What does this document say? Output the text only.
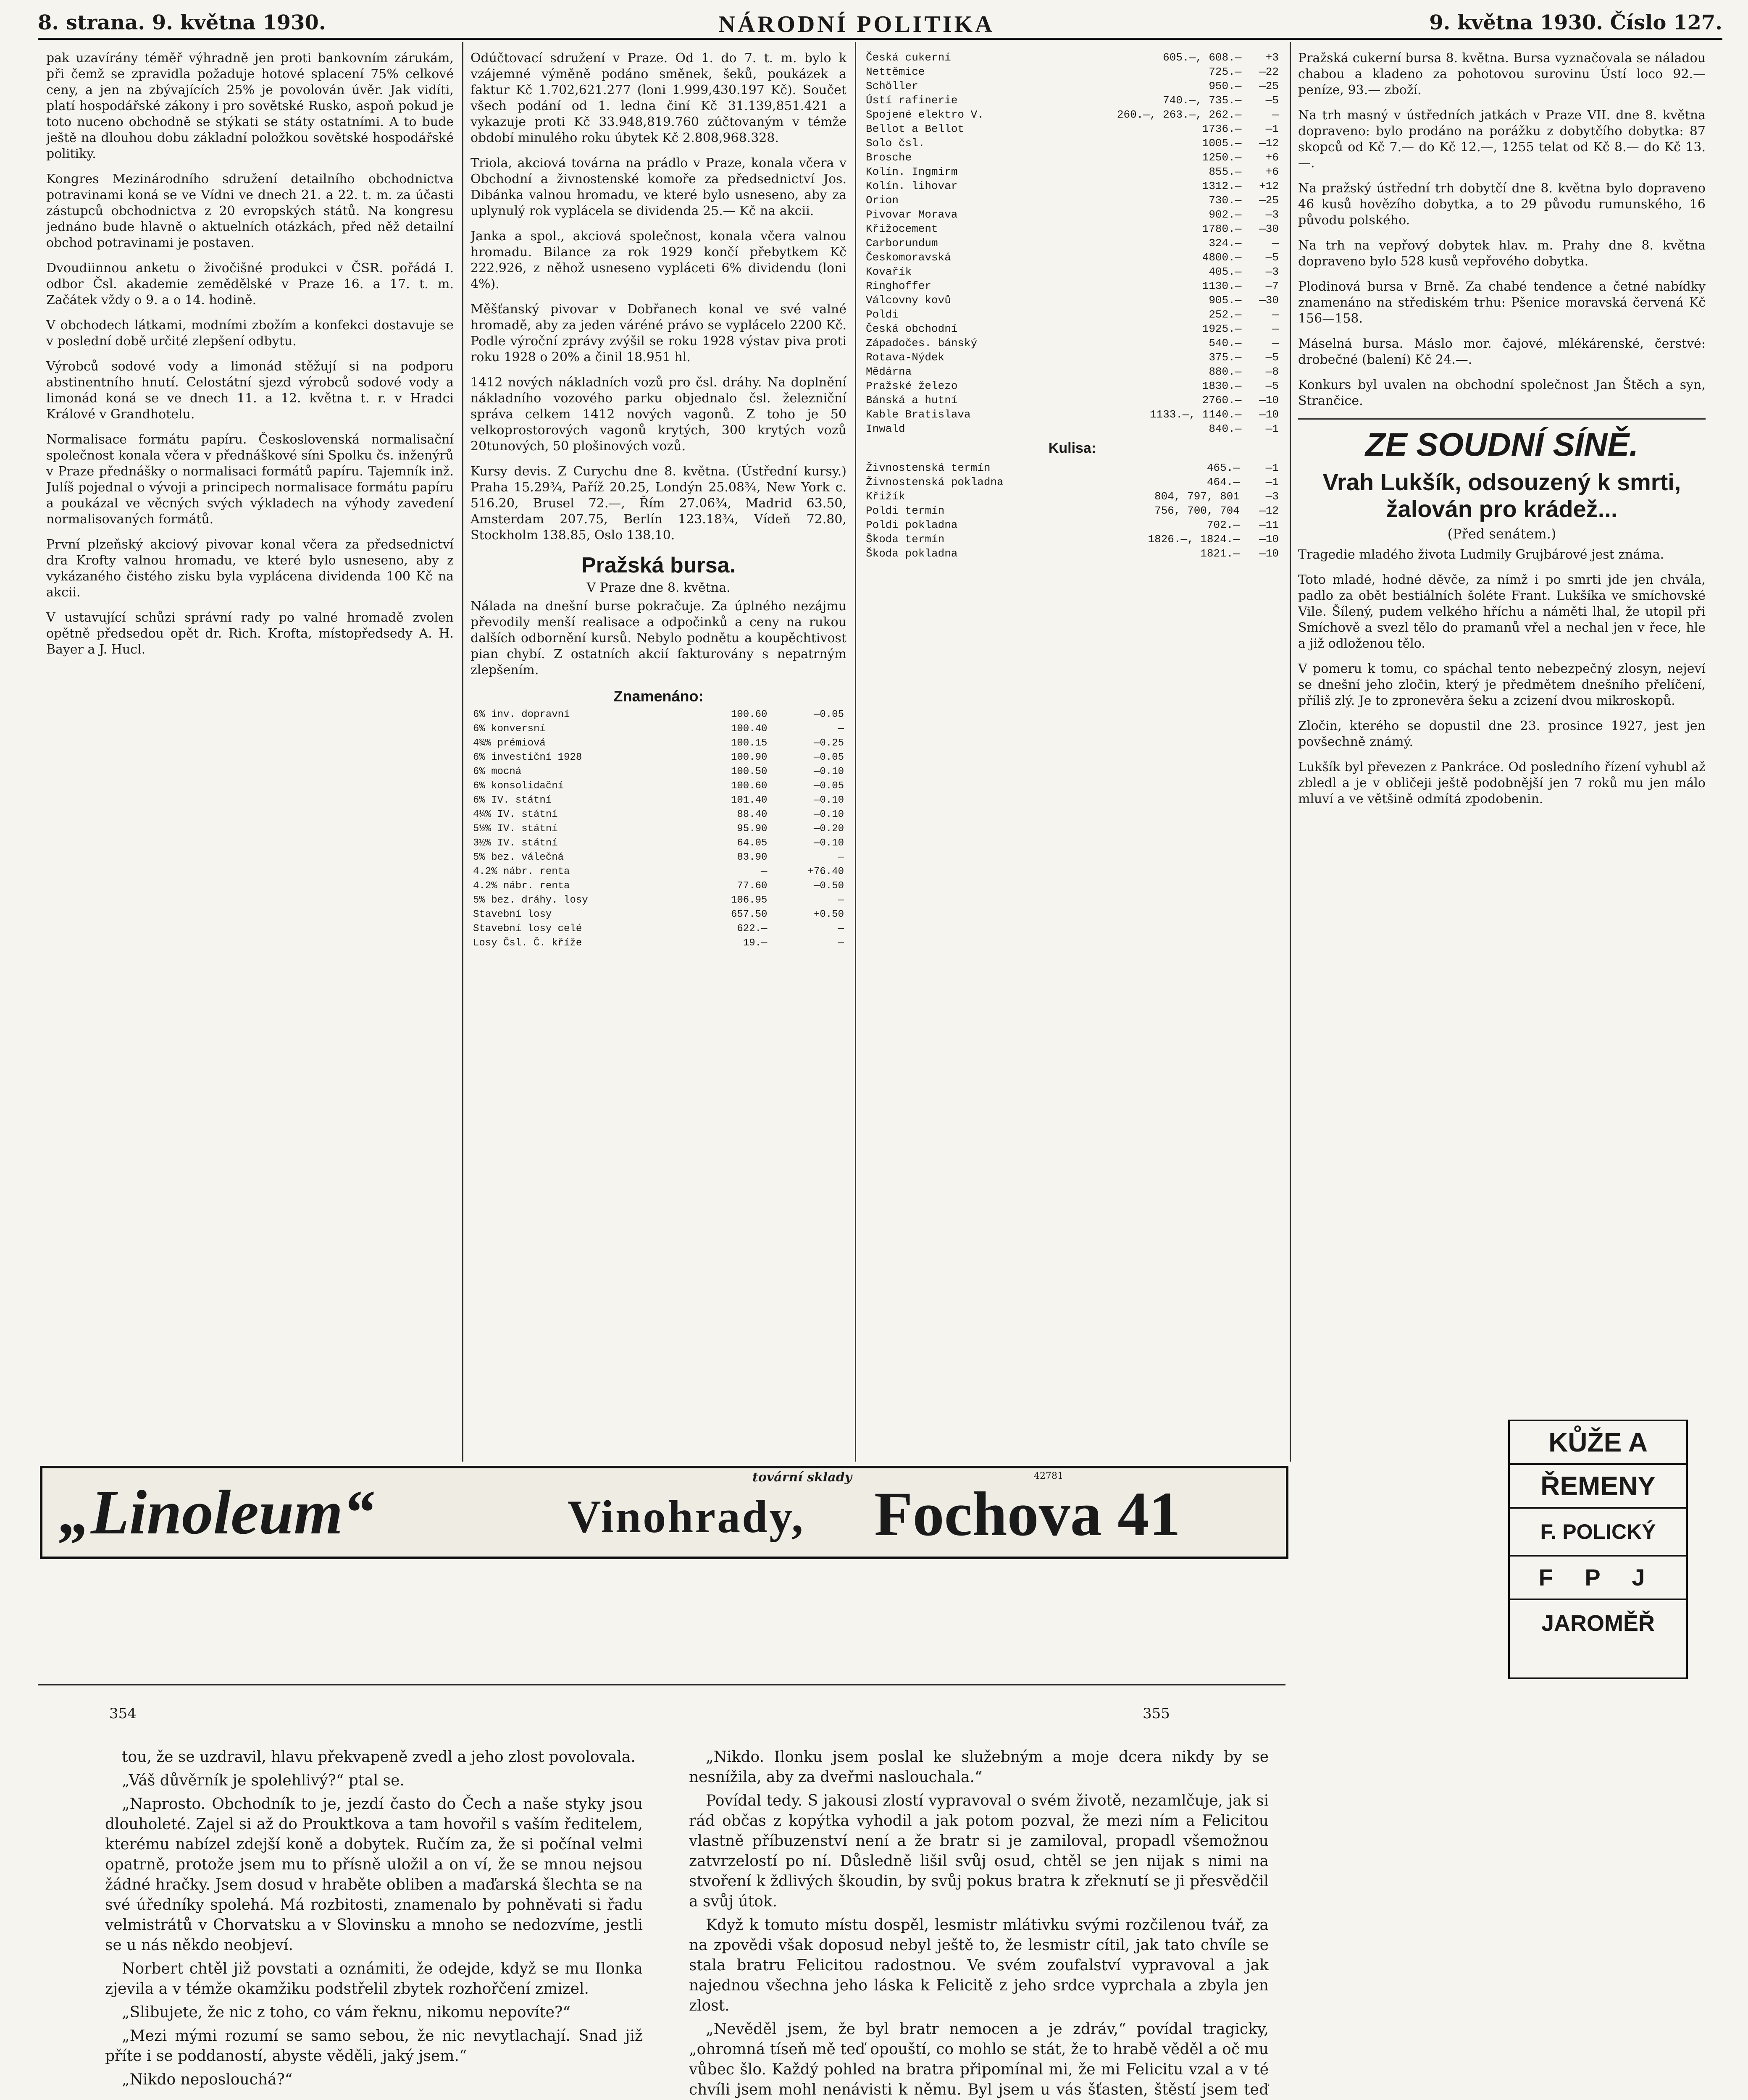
8. strana. 9. května 1930.	NÁRODNÍ POLITIKA	9. května 1930. Číslo 127.

pak uzavírány téměř výhradně jen proti bankovním zárukám, při čemž se zpravidla požaduje hotové splacení 75% celkové ceny, a jen na zbývajících 25% je povolován úvěr. Jak vidíti, platí hospodářské zákony i pro sovětské Rusko, aspoň pokud je toto nuceno obchodně se stýkati se státy ostatními. A to bude ještě na dlouhou dobu základní položkou sovětské hospodářské politiky.

Kongres Mezinárodního sdružení detailního obchodnictva potravinami koná se ve Vídni ve dnech 21. a 22. t. m. za účasti zástupců obchodnictva z 20 evropských států. Na kongresu jednáno bude hlavně o aktuelních otázkách, před něž detailní obchod potravinami je postaven.

Dvoudiinnou anketu o živočišné produkci v ČSR. pořádá I. odbor Čsl. akademie zemědělské v Praze 16. a 17. t. m. Začátek vždy o 9. a o 14. hodině.

V obchodech látkami, modními zbožím a konfekci dostavuje se v poslední době určité zlepšení odbytu.

Výrobců sodové vody a limonád stěžují si na podporu abstinentního hnutí. Celostátní sjezd výrobců sodové vody a limonád koná se ve dnech 11. a 12. května t. r. v Hradci Králové v Grandhotelu.

Normalisace formátu papíru. Československá normalisační společnost konala včera v přednáškové síni Spolku čs. inženýrů v Praze přednášky o normalisaci formátů papíru. Tajemník inž. Julíš pojednal o vývoji a principech normalisace formátu papíru a poukázal ve věcných svých výkladech na výhody zavedení normalisovaných formátů.

První plzeňský akciový pivovar konal včera za předsednictví dra Krofty valnou hromadu, ve které bylo usneseno, aby z vykázaného čistého zisku byla vyplácena dividenda 100 Kč na akcii.

V ustavující schůzi správní rady po valné hromadě zvolen opětně předsedou opět dr. Rich. Krofta, místopředsedy A. H. Bayer a J. Hucl.

Odúčtovací sdružení v Praze. Od 1. do 7. t. m. bylo k vzájemné výměně podáno směnek, šeků, poukázek a faktur Kč 1.702,621.277 (loni 1.999,430.197 Kč). Součet všech podání od 1. ledna činí Kč 31.139,851.421 a vykazuje proti Kč 33.948,819.760 zúčtovaným v témže období minulého roku úbytek Kč 2.808,968.328.

Triola, akciová továrna na prádlo v Praze, konala včera v Obchodní a živnostenské komoře za předsednictví Jos. Dibánka valnou hromadu, ve které bylo usneseno, aby za uplynulý rok vyplácela se dividenda 25.— Kč na akcii.

Janka a spol., akciová společnost, konala včera valnou hromadu. Bilance za rok 1929 končí přebytkem Kč 222.926, z něhož usneseno vypláceti 6% dividendu (loni 4%).

Měšťanský pivovar v Dobřanech konal ve své valné hromadě, aby za jeden váréné právo se vyplácelo 2200 Kč. Podle výroční zprávy zvýšil se roku 1928 výstav piva proti roku 1928 o 20% a činil 18.951 hl.

1412 nových nákladních vozů pro čsl. dráhy. Na doplnění nákladního vozového parku objednalo čsl. železniční správa celkem 1412 nových vagonů. Z toho je 50 velkoprostorových vagonů krytých, 300 krytých vozů 20tunových, 50 plošinových vozů.

Kursy devis. Z Curychu dne 8. května. (Ústřední kursy.) Praha 15.29¾, Paříž 20.25, Londýn 25.08¾, New York c. 516.20, Brusel 72.—, Řím 27.06¾, Madrid 63.50, Amsterdam 207.75, Berlín 123.18¾, Vídeň 72.80, Stockholm 138.85, Oslo 138.10.

Pražská bursa.
V Praze dne 8. května.

Nálada na dnešní burse pokračuje. Za úplného nezájmu převodily menší realisace a odpočinků a ceny na rukou dalších odbornění kursů. Nebylo podnětu a koupěchtivost pian chybí. Z ostatních akcií fakturovány s nepatrným zlepšením.

Znamenáno:
6% inv. dopravní	100.60	—0.05
6% konversní	100.40	—
4¾% prémiová	100.15	—0.25
6% investiční 1928	100.90	—0.05
6% mocná	100.50	—0.10
6% konsolidační	100.60	—0.05
6% IV. státní	101.40	—0.10
4¼% IV. státní	88.40	—0.10
5½% IV. státní	95.90	—0.20
3½% IV. státní	64.05	—0.10
5% bez. válečná	83.90	—
4.2% nábr. renta	—	+76.40
4.2% nábr. renta	77.60	—0.50
5% bez. dráhy. losy	106.95	—
Stavební losy	657.50	+0.50
Stavební losy celé	622.—	—
Losy Čsl. Č. kříže	19.—	—
Česká cukerní	605.—, 608.—	+3
Nettěmice	725.—	—22
Schöller	950.—	—25
Ústí rafinerie	740.—, 735.—	—5
Spojené elektro V.	260.—, 263.—, 262.—	—
Bellot a Bellot	1736.—	—1
Solo čsl.	1005.—	—12
Brosche	1250.—	+6
Kolín. Ingmirm	855.—	+6
Kolín. lihovar	1312.—	+12
Orion	730.—	—25
Pivovar Morava	902.—	—3
Křižocement	1780.—	—30
Carborundum	324.—	—
Českomoravská	4800.—	—5
Kovařík	405.—	—3
Ringhoffer	1130.—	—7
Válcovny kovů	905.—	—30
Poldi	252.—	—
Česká obchodní	1925.—	—
Západočes. bánský	540.—	—
Rotava-Nýdek	375.—	—5
Mědárna	880.—	—8
Pražské železo	1830.—	—5
Bánská a hutní	2760.—	—10
Kable Bratislava	1133.—, 1140.—	—10
Inwald	840.—	—1
Kulisa:
Živnostenská termín	465.—	—1
Živnostenská pokladna	464.—	—1
Křižík	804, 797, 801	—3
Poldi termín	756, 700, 704	—12
Poldi pokladna	702.—	—11
Škoda termín	1826.—, 1824.—	—10
Škoda pokladna	1821.—	—10

Pražská cukerní bursa 8. května. Bursa vyznačovala se náladou chabou a kladeno za pohotovou surovinu Ústí loco 92.— peníze, 93.— zboží.

Na trh masný v ústředních jatkách v Praze VII. dne 8. května dopraveno: bylo prodáno na porážku z dobytčího dobytka: 87 skopců od Kč 7.— do Kč 12.—, 1255 telat od Kč 8.— do Kč 13.—.

Na pražský ústřední trh dobytčí dne 8. května bylo dopraveno 46 kusů hovězího dobytka, a to 29 původu rumunského, 16 původu polského.

Na trh na vepřový dobytek hlav. m. Prahy dne 8. května dopraveno bylo 528 kusů vepřového dobytka.

Plodinová bursa v Brně. Za chabé tendence a četné nabídky znamenáno na střediském trhu: Pšenice moravská červená Kč 156—158.

Máselná bursa. Máslo mor. čajové, mlékárenské, čerstvé: drobečné (balení) Kč 24.—.

Konkurs byl uvalen na obchodní společnost Jan Štěch a syn, Strančice.

ZE SOUDNÍ SÍNĚ.
Vrah Lukšík, odsouzený k smrti, žalován pro krádež...
(Před senátem.)

Tragedie mladého života Ludmily Grujbárové jest známa.

Toto mladé, hodné děvče, za nímž i po smrti jde jen chvála, padlo za obět bestiálních šoléte Frant. Lukšíka ve smíchovské Vile. Šílený, pudem velkého hříchu a náměti lhal, že utopil při Smíchově a svezl tělo do pramanů vřel a nechal jen v řece, hle a již odloženou tělo.

V pomeru k tomu, co spáchal tento nebezpečný zlosyn, nejeví se dnešní jeho zločin, který je předmětem dnešního přelíčení, příliš zlý. Je to zpronevěra šeku a zcizení dvou mikroskopů.

Zločin, kterého se dopustil dne 23. prosince 1927, jest jen povšechně známý.

Lukšík byl převezen z Pankráce. Od posledního řízení vyhubl až zbledl a je v obličeji ještě podobnější jen 7 roků mu jen málo mluví a ve většině odmítá zpodobenin.

„Linoleum“
tovární sklady	42781
Vinohrady, Fochova 41
KŮŽE A
ŘEMENY
F. POLICKÝ
F P J
JAROMĚŘ
354	355

tou, že se uzdravil, hlavu překvapeně zvedl a jeho zlost povolovala.

„Váš důvěrník je spolehlivý?“ ptal se.

„Naprosto. Obchodník to je, jezdí často do Čech a naše styky jsou dlouholeté. Zajel si až do Prouktkova a tam hovořil s vaším ředitelem, kterému nabízel zdejší koně a dobytek. Ručím za, že si počínal velmi opatrně, protože jsem mu to přísně uložil a on ví, že se mnou nejsou žádné hračky. Jsem dosud v hraběte obliben a maďarská šlechta se na své úředníky spolehá. Má rozbitosti, znamenalo by pohněvati si řadu velmistrátů v Chorvatsku a v Slovinsku a mnoho se nedozvíme, jestli se u nás někdo neobjeví.

Norbert chtěl již povstati a oznámiti, že odejde, když se mu Ilonka zjevila a v témže okamžiku podstřelil zbytek rozhořčení zmizel.

„Slibujete, že nic z toho, co vám řeknu, nikomu nepovíte?“

„Mezi mými rozumí se samo sebou, že nic nevytlachají. Snad již příte i se poddaností, abyste věděli, jaký jsem.“

„Nikdo neposlouchá?“

„Nikdo. Ilonku jsem poslal ke služebným a moje dcera nikdy by se nesnížila, aby za dveřmi naslouchala.“

Povídal tedy. S jakousi zlostí vypravoval o svém životě, nezamlčuje, jak si rád občas z kopýtka vyhodil a jak potom pozval, že mezi ním a Felicitou vlastně příbuzenství není a že bratr si je zamiloval, propadl všemožnou zatvrzelostí po ní. Důsledně lišil svůj osud, chtěl se jen nijak s nimi na stvoření k ždlivých škoudin, by svůj pokus bratra k zřeknutí se ji přesvědčil a svůj útok.

Když k tomuto místu dospěl, lesmistr mlátivku svými rozčilenou tvář, za na zpovědi však doposud nebyl ještě to, že lesmistr cítil, jak tato chvíle se stala bratru Felicitou radostnou. Ve svém zoufalství vypravoval a jak najednou všechna jeho láska k Felicitě z jeho srdce vyprchala a zbyla jen zlost.

„Nevěděl jsem, že byl bratr nemocen a je zdráv,“ povídal tragicky, „ohromná tíseň mě teď opouští, co mohlo se stát, že to hrabě věděl a oč mu vůbec šlo. Každý pohled na bratra připomínal mi, že mi Felicitu vzal a v té chvíli jsem mohl nenávisti k němu. Byl jsem u vás šťasten, štěstí jsem teď
